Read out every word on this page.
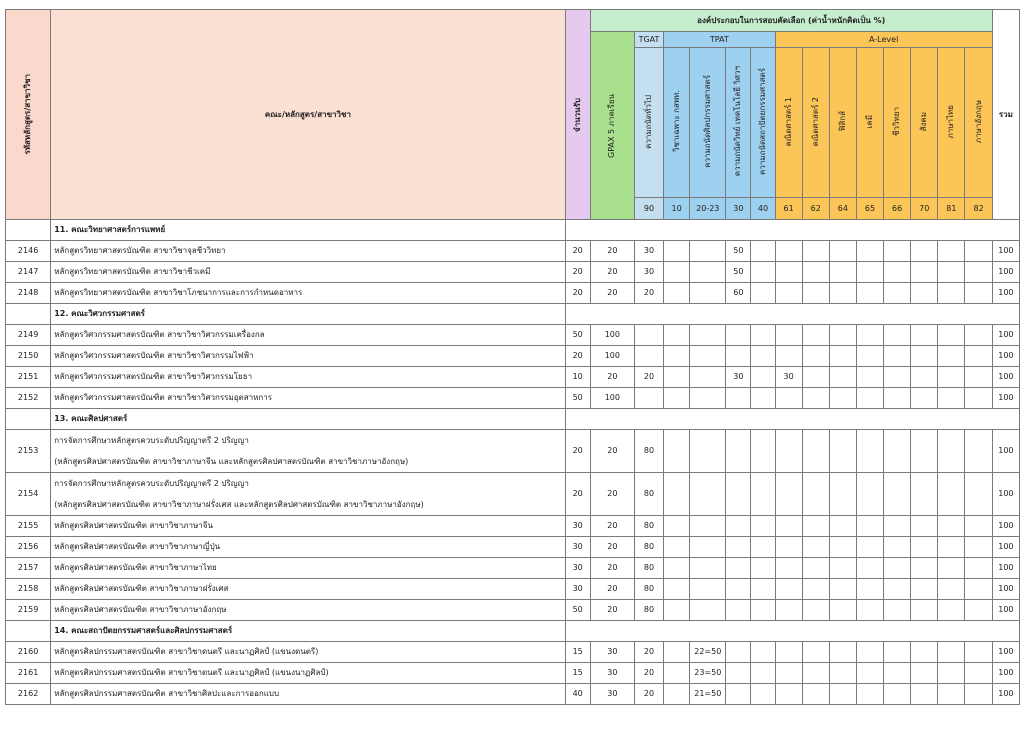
รหัสหลักสูตร/สาขาวิชา	คณะ/หลักสูตร/สาขาวิชา	จำนวนรับ	องค์ประกอบในการสอบคัดเลือก (ค่าน้ำหนักคิดเป็น %)														รวม

			GPAX 5 ภาคเรียน	TGAT	TPAT				A-Level								

				ความถนัดทั่วไป	วิชาเฉพาะ กสพท.	ความถนัดศิลปกรรมศาสตร์	ความถนัดวิทย์ เทคโนโลยี วิศวฯ	ความถนัดสถาปัตยกรรมศาสตร์	คณิตศาสตร์ 1	คณิตศาสตร์ 2	ฟิสิกส์	เคมี	ชีววิทยา	สังคม	ภาษาไทย	ภาษาอังกฤษ	

				90	10	20-23	30	40	61	62	64	65	66	70	81	82	
	11. คณะวิทยาศาสตร์การแพทย์																
2146	หลักสูตรวิทยาศาสตรบัณฑิต สาขาวิชาจุลชีววิทยา	20	20	30			50										100
2147	หลักสูตรวิทยาศาสตรบัณฑิต สาขาวิชาชีวเคมี	20	20	30			50										100
2148	หลักสูตรวิทยาศาสตรบัณฑิต สาขาวิชาโภชนาการและการกำหนดอาหาร	20	20	20			60										100
	12. คณะวิศวกรรมศาสตร์																
2149	หลักสูตรวิศวกรรมศาสตรบัณฑิต สาขาวิชาวิศวกรรมเครื่องกล	50	100														100
2150	หลักสูตรวิศวกรรมศาสตรบัณฑิต สาขาวิชาวิศวกรรมไฟฟ้า	20	100														100
2151	หลักสูตรวิศวกรรมศาสตรบัณฑิต สาขาวิชาวิศวกรรมโยธา	10	20	20			30		30								100
2152	หลักสูตรวิศวกรรมศาสตรบัณฑิต สาขาวิชาวิศวกรรมอุตสาหการ	50	100														100
	13. คณะศิลปศาสตร์																
2153	การจัดการศึกษาหลักสูตรควบระดับปริญญาตรี 2 ปริญญา
(หลักสูตรศิลปศาสตรบัณฑิต สาขาวิชาภาษาจีน และหลักสูตรศิลปศาสตรบัณฑิต สาขาวิชาภาษาอังกฤษ)	20	20	80													100
2154	การจัดการศึกษาหลักสูตรควบระดับปริญญาตรี 2 ปริญญา
(หลักสูตรศิลปศาสตรบัณฑิต สาขาวิชาภาษาฝรั่งเศส และหลักสูตรศิลปศาสตรบัณฑิต สาขาวิชาภาษาอังกฤษ)	20	20	80													100
2155	หลักสูตรศิลปศาสตรบัณฑิต สาขาวิชาภาษาจีน	30	20	80													100
2156	หลักสูตรศิลปศาสตรบัณฑิต สาขาวิชาภาษาญี่ปุ่น	30	20	80													100
2157	หลักสูตรศิลปศาสตรบัณฑิต สาขาวิชาภาษาไทย	30	20	80													100
2158	หลักสูตรศิลปศาสตรบัณฑิต สาขาวิชาภาษาฝรั่งเศส	30	20	80													100
2159	หลักสูตรศิลปศาสตรบัณฑิต สาขาวิชาภาษาอังกฤษ	50	20	80													100
	14. คณะสถาปัตยกรรมศาสตร์และศิลปกรรมศาสตร์																
2160	หลักสูตรศิลปกรรมศาสตรบัณฑิต สาขาวิชาดนตรี และนาฏศิลป์ (แขนงดนตรี)	15	30	20		22=50											100
2161	หลักสูตรศิลปกรรมศาสตรบัณฑิต สาขาวิชาดนตรี และนาฏศิลป์ (แขนงนาฏศิลป์)	15	30	20		23=50											100
2162	หลักสูตรศิลปกรรมศาสตรบัณฑิต สาขาวิชาศิลปะและการออกแบบ	40	30	20		21=50											100
